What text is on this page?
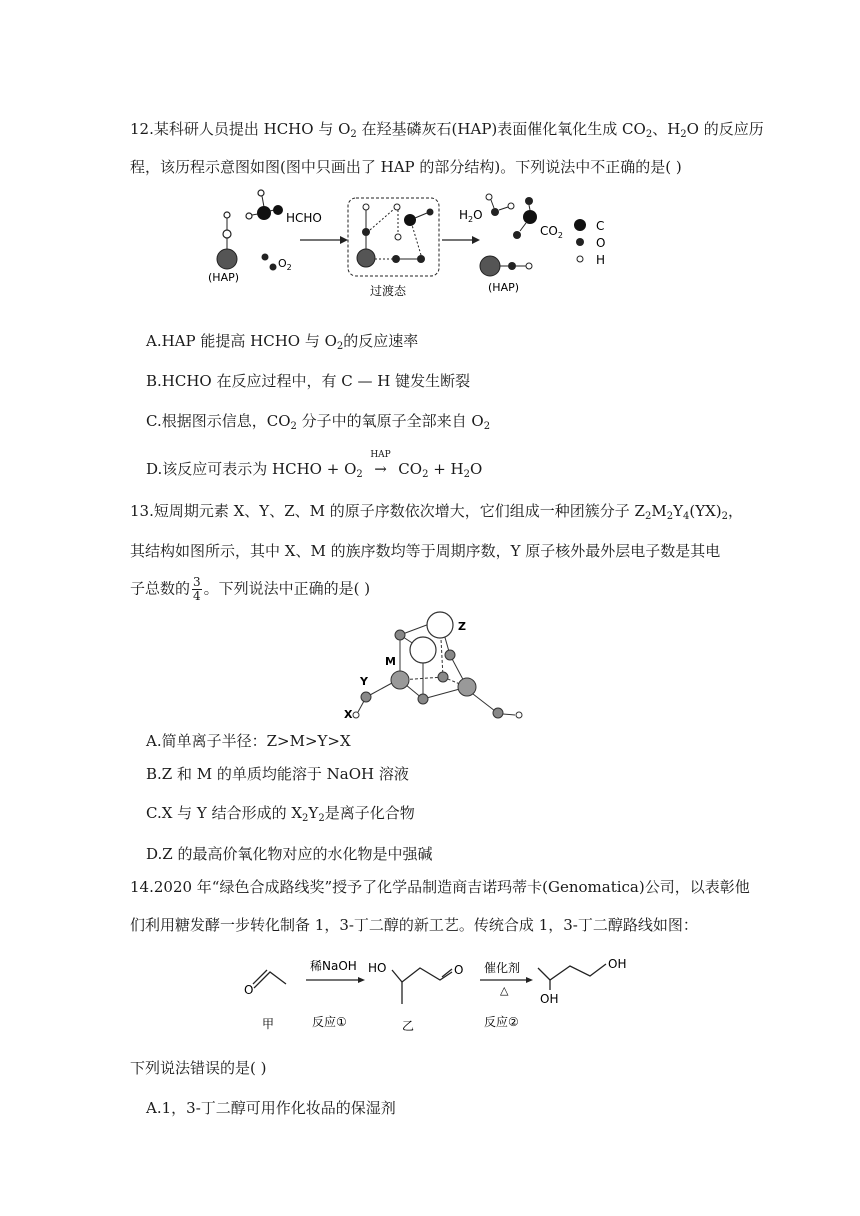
12.某科研人员提出 HCHO 与 $O_2$ 在羟基磷灰石(HAP)表面催化氧化生成 $CO_2$、$H_2O$ 的反应历
程，该历程示意图如图(图中只画出了 HAP 的部分结构)。下列说法中不正确的是( )
(HAP)
HCHO
$O_2$
过渡态
$H_2O$
$CO_2$
(HAP)
C
O
H
A.HAP 能提高 HCHO 与 $O_2$的反应速率
B.HCHO 在反应过程中，有 C — H 键发生断裂
C.根据图示信息，$CO_2$ 分子中的氧原子全部来自 $O_2$
D.该反应可表示为 HCHO + $O_2$
HAP
→ $CO_2 + H_2O$
13.短周期元素 X、Y、Z、M 的原子序数依次增大，它们组成一种团簇分子 $Z_2M_2Y_4(YX)_2$，
其结构如图所示，其中 X、M 的族序数均等于周期序数，Y 原子核外最外层电子数是其电
子总数的 $\frac{3}{4}$ 。下列说法中正确的是( )
Z
M
Y
X
A.简单离子半径：Z>M>Y>X
B.Z 和 M 的单质均能溶于 NaOH 溶液
C.X 与 Y 结合形成的 $X_2Y_2$是离子化合物
D.Z 的最高价氧化物对应的水化物是中强碱
14.2020 年“绿色合成路线奖”授予了化学品制造商吉诺玛蒂卡(Genomatica)公司，以表彰他
们利用糖发酵一步转化制备 1，3-丁二醇的新工艺。传统合成 1，3-丁二醇路线如图：
O
甲
稀NaOH
反应①
HO	O
乙
催化剂
△
反应②
OH
OH
下列说法错误的是( )
A.1，3-丁二醇可用作化妆品的保湿剂
